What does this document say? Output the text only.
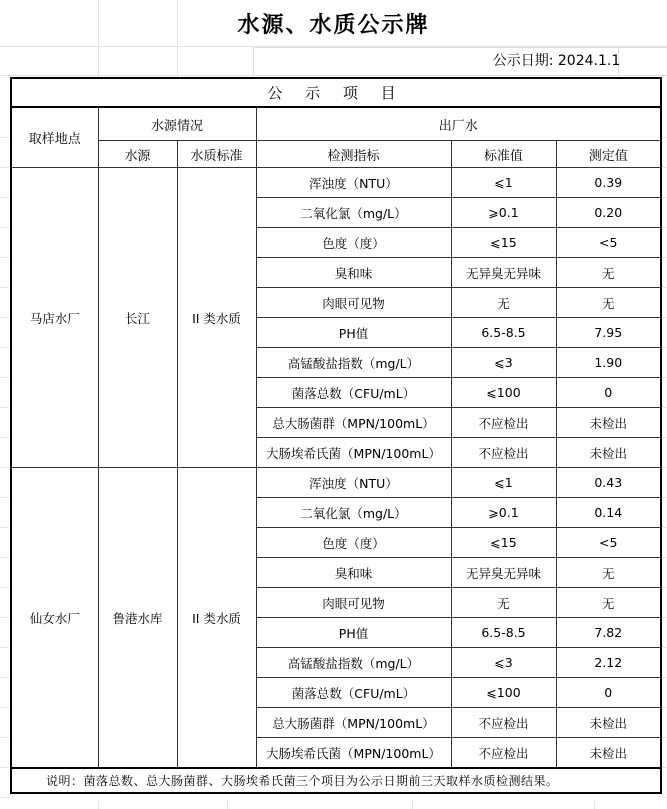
水源、水质公示牌
公示日期: 2024.1.1
公 示 项 目					
取样地点	水源情况		出厂水		
	水源	水质标准	检测指标	标准值	测定值
马店水厂	长江	II 类水质	浑浊度（NTU）	⩽1	0.39
			二氧化氯（mg/L）	⩾0.1	0.20
			色度（度）	⩽15	<5
			臭和味	无异臭无异味	无
			肉眼可见物	无	无
			PH值	6.5-8.5	7.95
			高锰酸盐指数（mg/L）	⩽3	1.90
			菌落总数（CFU/mL）	⩽100	0
			总大肠菌群（MPN/100mL）	不应检出	未检出
			大肠埃希氏菌（MPN/100mL）	不应检出	未检出
仙女水厂	鲁港水库	II 类水质	浑浊度（NTU）	⩽1	0.43
			二氧化氯（mg/L）	⩾0.1	0.14
			色度（度）	⩽15	<5
			臭和味	无异臭无异味	无
			肉眼可见物	无	无
			PH值	6.5-8.5	7.82
			高锰酸盐指数（mg/L）	⩽3	2.12
			菌落总数（CFU/mL）	⩽100	0
			总大肠菌群（MPN/100mL）	不应检出	未检出
			大肠埃希氏菌（MPN/100mL）	不应检出	未检出
说明：菌落总数、总大肠菌群、大肠埃希氏菌三个项目为公示日期前三天取样水质检测结果。					
